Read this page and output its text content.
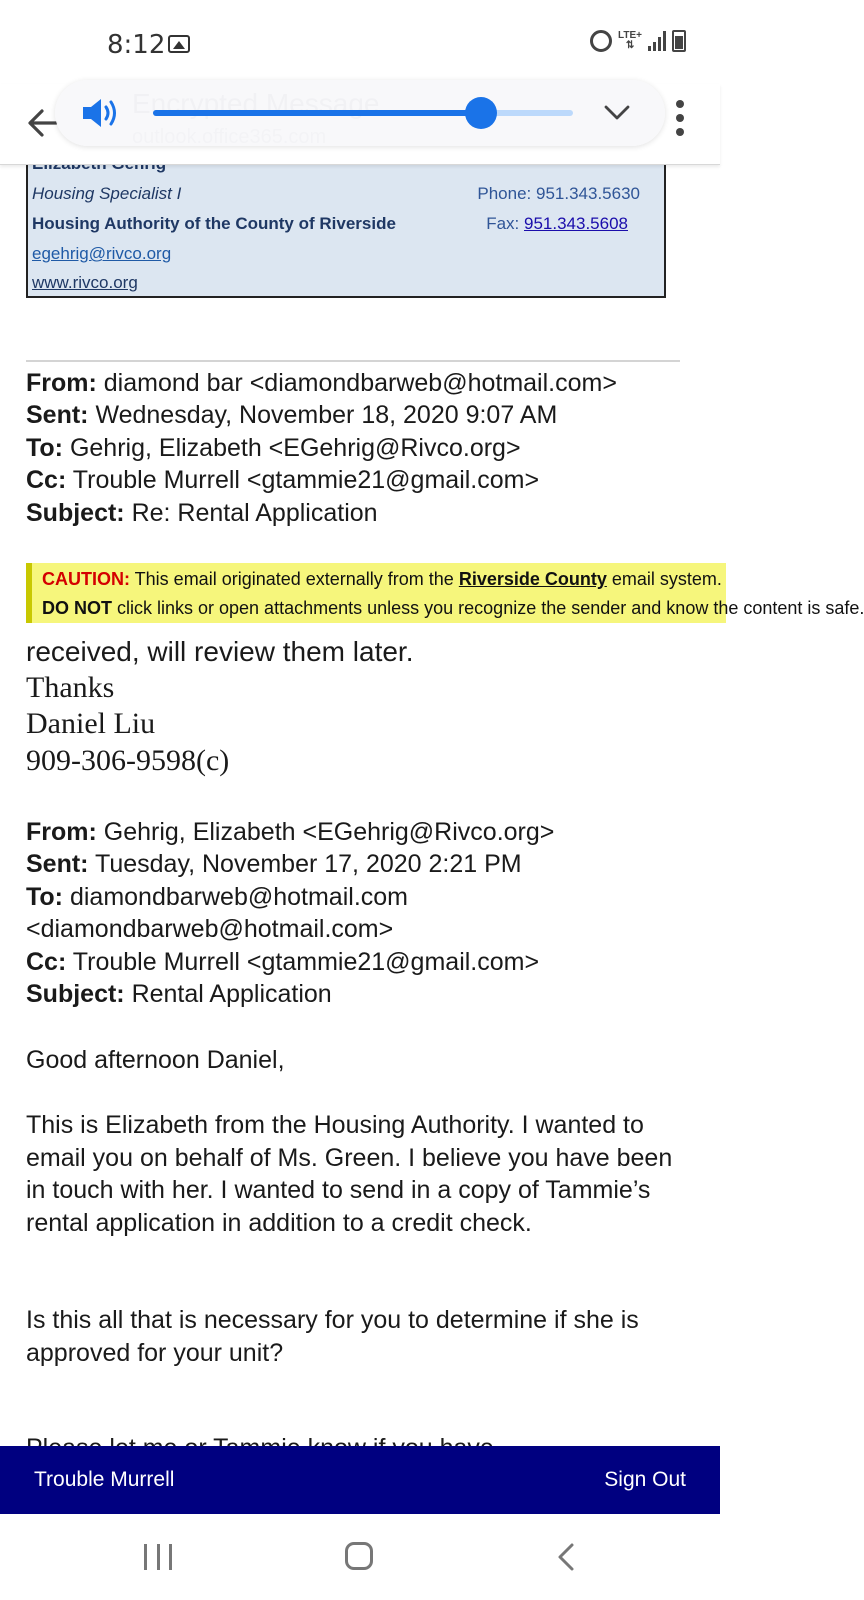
8:12	LTE+
⇅
Housing Specialist I
Housing Authority of the County of Riverside
egehrig@rivco.org
www.rivco.org
Phone: 951.343.5630
Fax: 951.343.5608
From: diamond bar <diamondbarweb@hotmail.com>
Sent: Wednesday, November 18, 2020 9:07 AM
To: Gehrig, Elizabeth <EGehrig@Rivco.org>
Cc: Trouble Murrell <gtammie21@gmail.com>
Subject: Re: Rental Application
CAUTION: This email originated externally from the Riverside County email system.
DO NOT click links or open attachments unless you recognize the sender and know the content is safe.
received, will review them later.
Thanks
Daniel Liu
909-306-9598(c)
From: Gehrig, Elizabeth <EGehrig@Rivco.org>
Sent: Tuesday, November 17, 2020 2:21 PM
To: diamondbarweb@hotmail.com
<diamondbarweb@hotmail.com>
Cc: Trouble Murrell <gtammie21@gmail.com>
Subject: Rental Application
Good afternoon Daniel,
This is Elizabeth from the Housing Authority. I wanted to email you on behalf of Ms. Green. I believe you have been in touch with her. I wanted to send in a copy of Tammie’s rental application in addition to a credit check.
Is this all that is necessary for you to determine if she is approved for your unit?
Trouble Murrell	Sign Out
